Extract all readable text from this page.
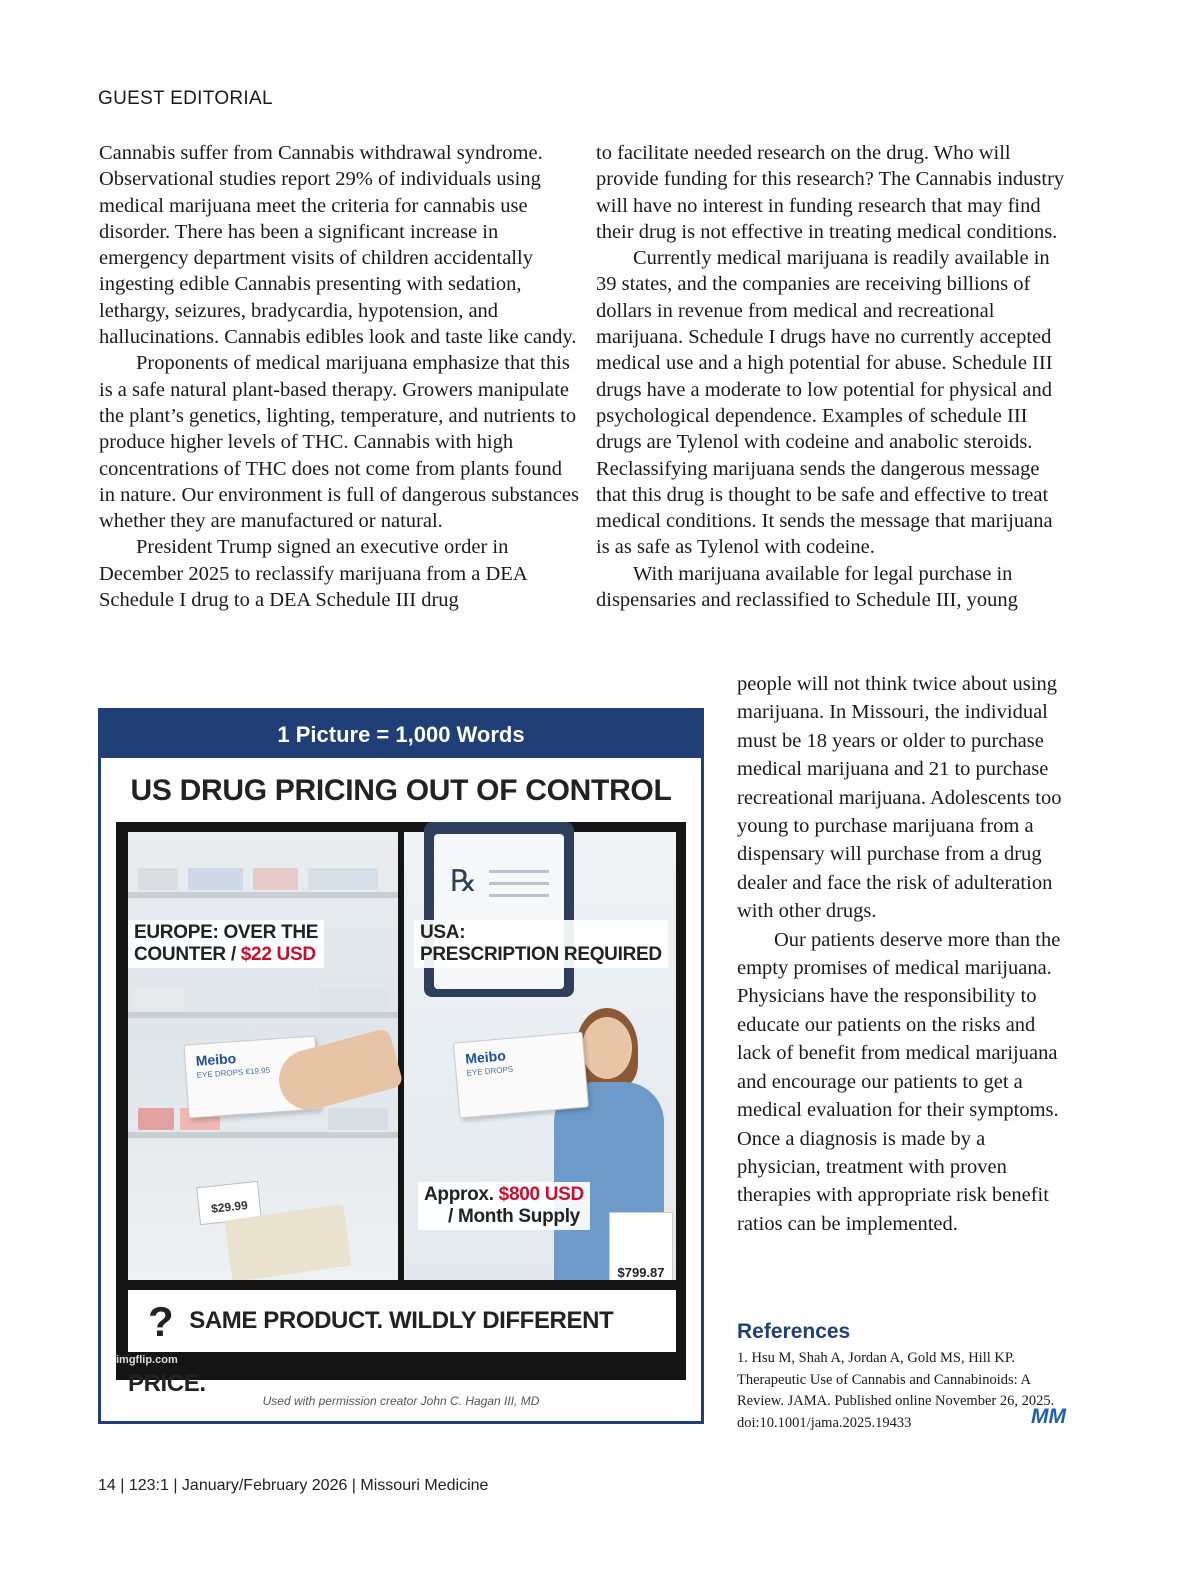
GUEST EDITORIAL

Cannabis suffer from Cannabis withdrawal syndrome. Observational studies report 29% of individuals using medical marijuana meet the criteria for cannabis use disorder. There has been a significant increase in emergency department visits of children accidentally ingesting edible Cannabis presenting with sedation, lethargy, seizures, bradycardia, hypotension, and hallucinations. Cannabis edibles look and taste like candy.

Proponents of medical marijuana emphasize that this is a safe natural plant-based therapy. Growers manipulate the plant’s genetics, lighting, temperature, and nutrients to produce higher levels of THC. Cannabis with high concentrations of THC does not come from plants found in nature. Our environment is full of dangerous substances whether they are manufactured or natural.

President Trump signed an executive order in December 2025 to reclassify marijuana from a DEA Schedule I drug to a DEA Schedule III drug

to facilitate needed research on the drug. Who will provide funding for this research? The Cannabis industry will have no interest in funding research that may find their drug is not effective in treating medical conditions.

Currently medical marijuana is readily available in 39 states, and the companies are receiving billions of dollars in revenue from medical and recreational marijuana. Schedule I drugs have no currently accepted medical use and a high potential for abuse. Schedule III drugs have a moderate to low potential for physical and psychological dependence. Examples of schedule III drugs are Tylenol with codeine and anabolic steroids. Reclassifying marijuana sends the dangerous message that this drug is thought to be safe and effective to treat medical conditions. It sends the message that marijuana is as safe as Tylenol with codeine.

With marijuana available for legal purchase in dispensaries and reclassified to Schedule III, young

people will not think twice about using marijuana. In Missouri, the individual must be 18 years or older to purchase medical marijuana and 21 to purchase recreational marijuana. Adolescents too young to purchase marijuana from a dispensary will purchase from a drug dealer and face the risk of adulteration with other drugs.

Our patients deserve more than the empty promises of medical marijuana. Physicians have the responsibility to educate our patients on the risks and lack of benefit from medical marijuana and encourage our patients to get a medical evaluation for their symptoms. Once a diagnosis is made by a physician, treatment with proven therapies with appropriate risk benefit ratios can be implemented.

1 Picture = 1,000 Words
US DRUG PRICING OUT OF CONTROL
EUROPE: OVER THE
COUNTER / $22 USD
Meibo
EYE DROPS €19.95
$29.99
℞
USA:
PRESCRIPTION REQUIRED
Meibo
EYE DROPS
Approx. $800 USD
/ Month Supply
$799.87
? SAME PRODUCT. WILDLY DIFFERENT PRICE.
imgflip.com
Used with permission creator John C. Hagan III, MD
References
1. Hsu M, Shah A, Jordan A, Gold MS, Hill KP. Therapeutic Use of Cannabis and Cannabinoids: A Review. JAMA. Published online November 26, 2025. doi:10.1001/jama.2025.19433	MM
14 | 123:1 | January/February 2026 | Missouri Medicine
